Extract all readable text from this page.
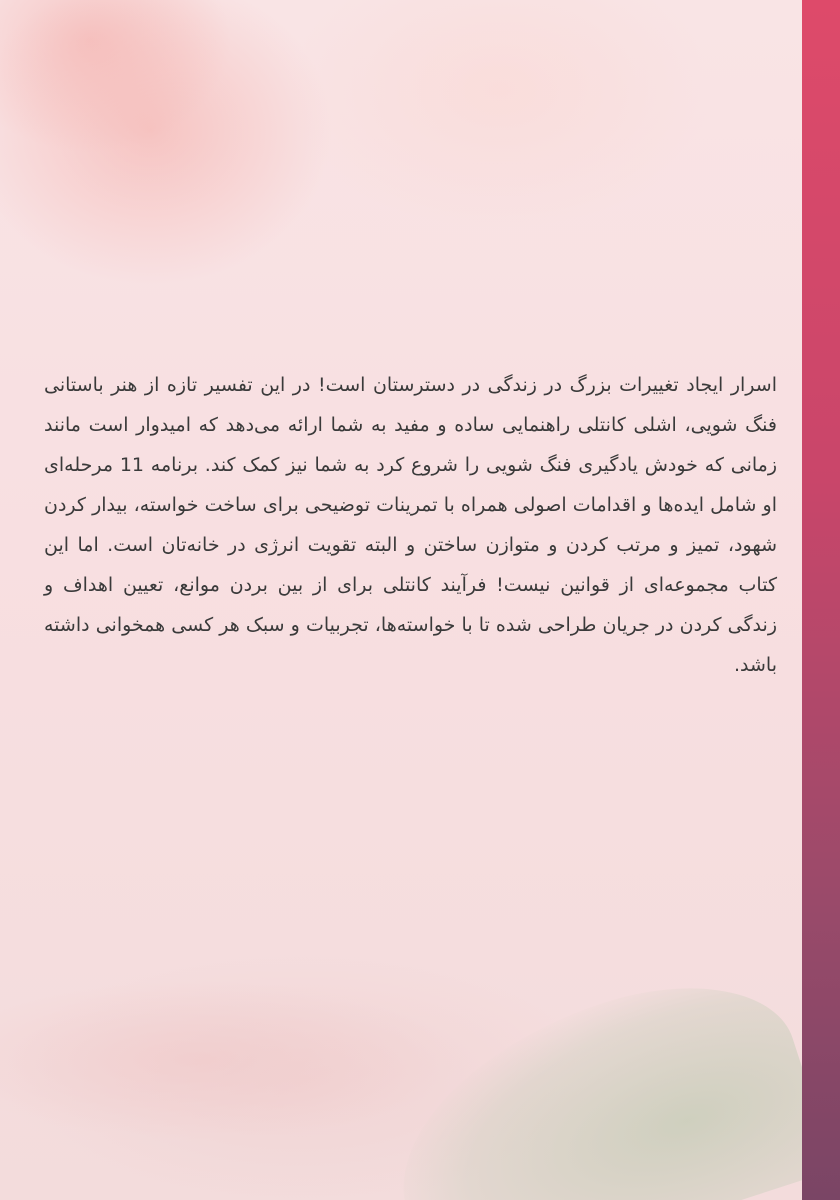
اسرار ایجاد تغییرات بزرگ در زندگی در دسترستان است! در این تفسیر تازه از هنر باستانی فنگ شویی، اشلی کانتلی راهنمایی ساده و مفید به شما ارائه می‌دهد که امیدوار است مانند زمانی که خودش یادگیری فنگ شویی را شروع کرد به شما نیز کمک کند. برنامه 11 مرحله‌ای او شامل ایده‌ها و اقدامات اصولی همراه با تمرینات توضیحی برای ساخت خواسته، بیدار کردن شهود، تمیز و مرتب کردن و متوازن ساختن و البته تقویت انرژی در خانه‌تان است. اما این کتاب مجموعه‌ای از قوانین نیست! فرآیند کانتلی برای از بین بردن موانع، تعیین اهداف و زندگی کردن در جریان طراحی شده تا با خواسته‌ها، تجربیات و سبک هر کسی همخوانی داشته باشد.
